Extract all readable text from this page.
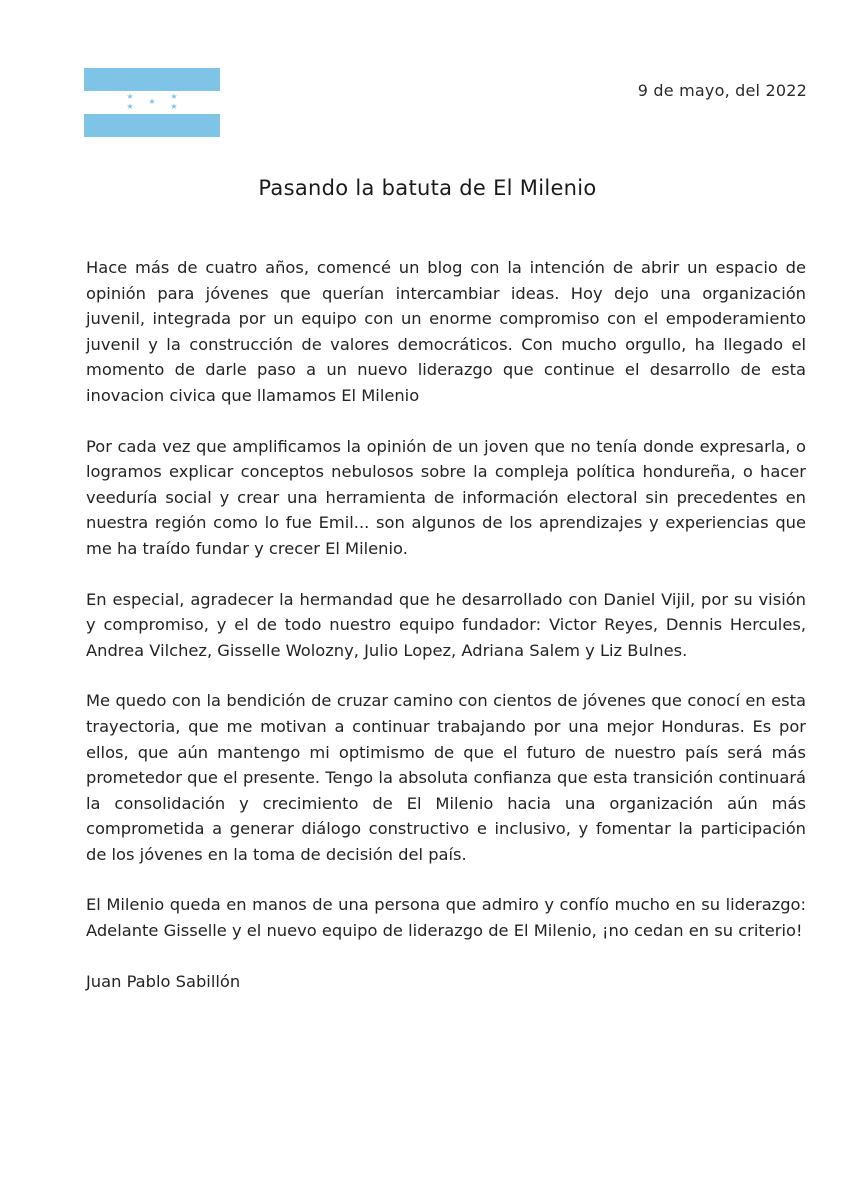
★
★
★
★
★
9 de mayo, del 2022
Pasando la batuta de El Milenio

Hace más de cuatro años, comencé un blog con la intención de abrir un espacio de opinión para jóvenes que querían intercambiar ideas. Hoy dejo una organización juvenil, integrada por un equipo con un enorme compromiso con el empoderamiento juvenil y la construcción de valores democráticos. Con mucho orgullo, ha llegado el momento de darle paso a un nuevo liderazgo que continue el desarrollo de esta inovacion civica que llamamos El Milenio

Por cada vez que amplificamos la opinión de un joven que no tenía donde expresarla, o logramos explicar conceptos nebulosos sobre la compleja política hondureña, o hacer veeduría social y crear una herramienta de información electoral sin precedentes en nuestra región como lo fue Emil... son algunos de los aprendizajes y experiencias que me ha traído fundar y crecer El Milenio.

En especial, agradecer la hermandad que he desarrollado con Daniel Vijil, por su visión y compromiso, y el de todo nuestro equipo fundador: Victor Reyes, Dennis Hercules, Andrea Vilchez, Gisselle Wolozny, Julio Lopez, Adriana Salem y Liz Bulnes.

Me quedo con la bendición de cruzar camino con cientos de jóvenes que conocí en esta trayectoria, que me motivan a continuar trabajando por una mejor Honduras. Es por ellos, que aún mantengo mi optimismo de que el futuro de nuestro país será más prometedor que el presente. Tengo la absoluta confianza que esta transición continuará la consolidación y crecimiento de El Milenio hacia una organización aún más comprometida a generar diálogo constructivo e inclusivo, y fomentar la participación de los jóvenes en la toma de decisión del país.

El Milenio queda en manos de una persona que admiro y confío mucho en su liderazgo: Adelante Gisselle y el nuevo equipo de liderazgo de El Milenio, ¡no cedan en su criterio!

Juan Pablo Sabillón
